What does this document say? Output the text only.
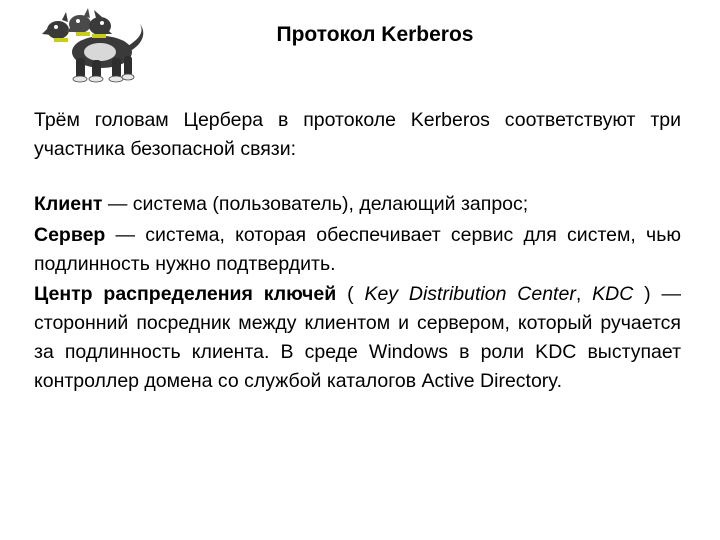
Протокол Kerberos
Трём головам Цербера в протоколе Kerberos соответствуют три участника безопасной связи:
Клиент — система (пользователь), делающий запрос;
Сервер — система, которая обеспечивает сервис для систем, чью подлинность нужно подтвердить.
Центр распределения ключей ( Key Distribution Center, KDC ) — сторонний посредник между клиентом и сервером, который ручается за подлинность клиента. В среде Windows в роли KDC выступает контроллер домена со службой каталогов Active Directory.
